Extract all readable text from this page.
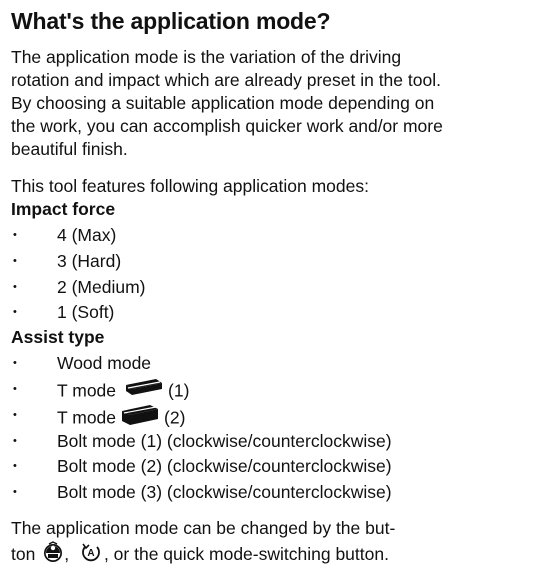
What's the application mode?
The application mode is the variation of the driving
rotation and impact which are already preset in the tool.
By choosing a suitable application mode depending on
the work, you can accomplish quicker work and/or more
beautiful finish.
This tool features following application modes:
Impact force
• 4 (Max)
• 3 (Hard)
• 2 (Medium)
• 1 (Soft)
Assist type
• Wood mode
• T mode	(1)
• T mode	(2)
• Bolt mode (1) (clockwise/counterclockwise)
• Bolt mode (2) (clockwise/counterclockwise)
• Bolt mode (3) (clockwise/counterclockwise)
The application mode can be changed by the but-
ton , A , or the quick mode-switching button.
